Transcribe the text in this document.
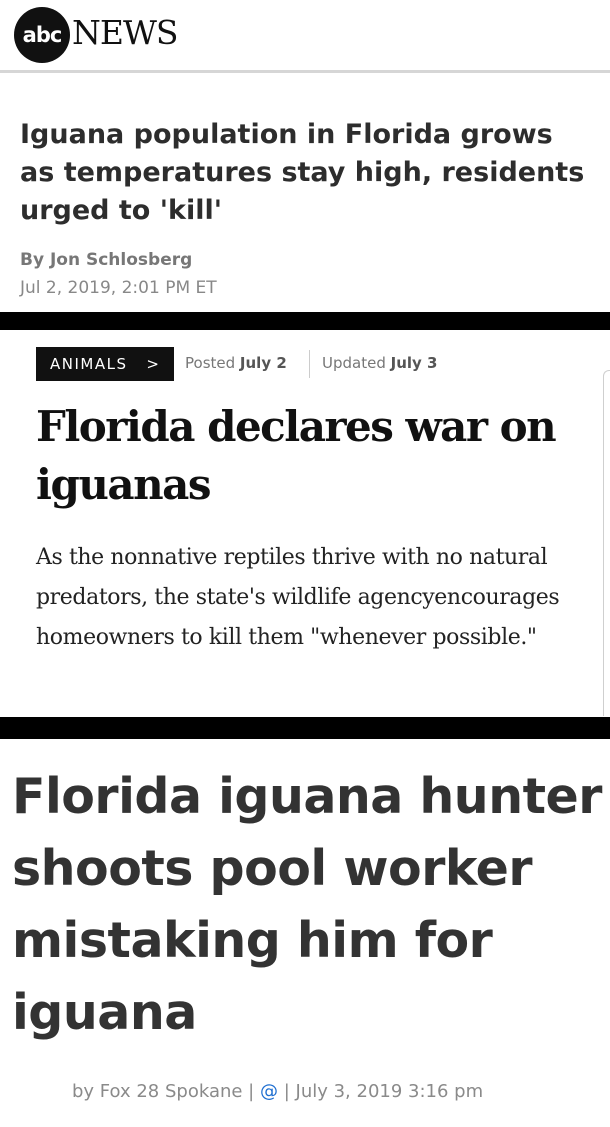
abc NEWS
Iguana population in Florida grows as temperatures stay high, residents urged to 'kill'
By Jon Schlosberg
Jul 2, 2019, 2:01 PM ET
ANIMALS >	Posted July 2 Updated July 3
Florida declares war on iguanas

As the nonnative reptiles thrive with no natural predators, the state's wildlife agencyencourages homeowners to kill them "whenever possible."

Florida iguana hunter shoots pool worker mistaking him for iguana
by Fox 28 Spokane | @ | July 3, 2019 3:16 pm
